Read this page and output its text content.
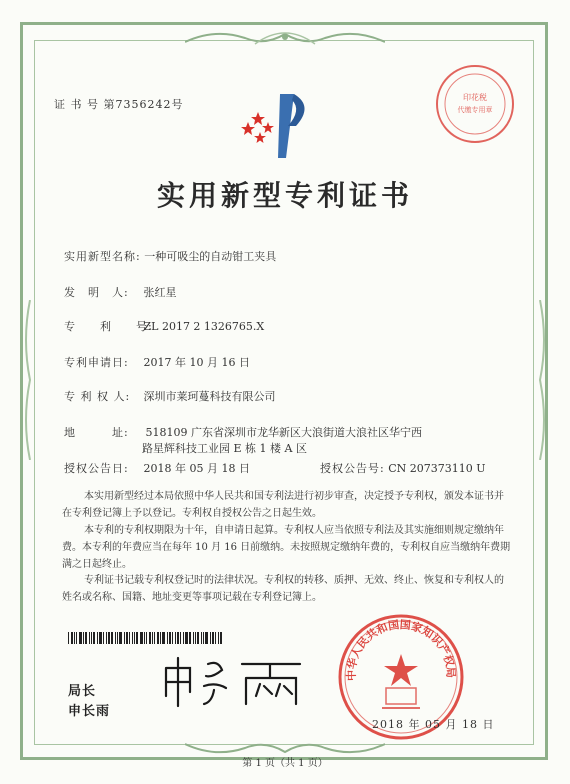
证 书 号 第7356242号
印花税
代缴专用章
实用新型专利证书
实用新型名称: 一种可吸尘的自动钳工夹具
发　明　人: 张红星
专　　利　　号: ZL 2017 2 1326765.X
专利申请日: 2017 年 10 月 16 日
专 利 权 人: 深圳市莱珂蔓科技有限公司
地　　　址: 518109 广东省深圳市龙华新区大浪街道大浪社区华宁西
路星辉科技工业园 E 栋 1 楼 A 区
授权公告日: 2018 年 05 月 18 日	授权公告号: CN 207373110 U

本实用新型经过本局依照中华人民共和国专利法进行初步审查，决定授予专利权，颁发本证书并在专利登记簿上予以登记。专利权自授权公告之日起生效。

本专利的专利权期限为十年，自申请日起算。专利权人应当依照专利法及其实施细则规定缴纳年费。本专利的年费应当在每年 10 月 16 日前缴纳。未按照规定缴纳年费的，专利权自应当缴纳年费期满之日起终止。

专利证书记载专利权登记时的法律状况。专利权的转移、质押、无效、终止、恢复和专利权人的姓名或名称、国籍、地址变更等事项记载在专利登记簿上。

局长
申长雨
中华人民共和国国家知识产权局
2018 年 05 月 18 日
第 1 页（共 1 页）
